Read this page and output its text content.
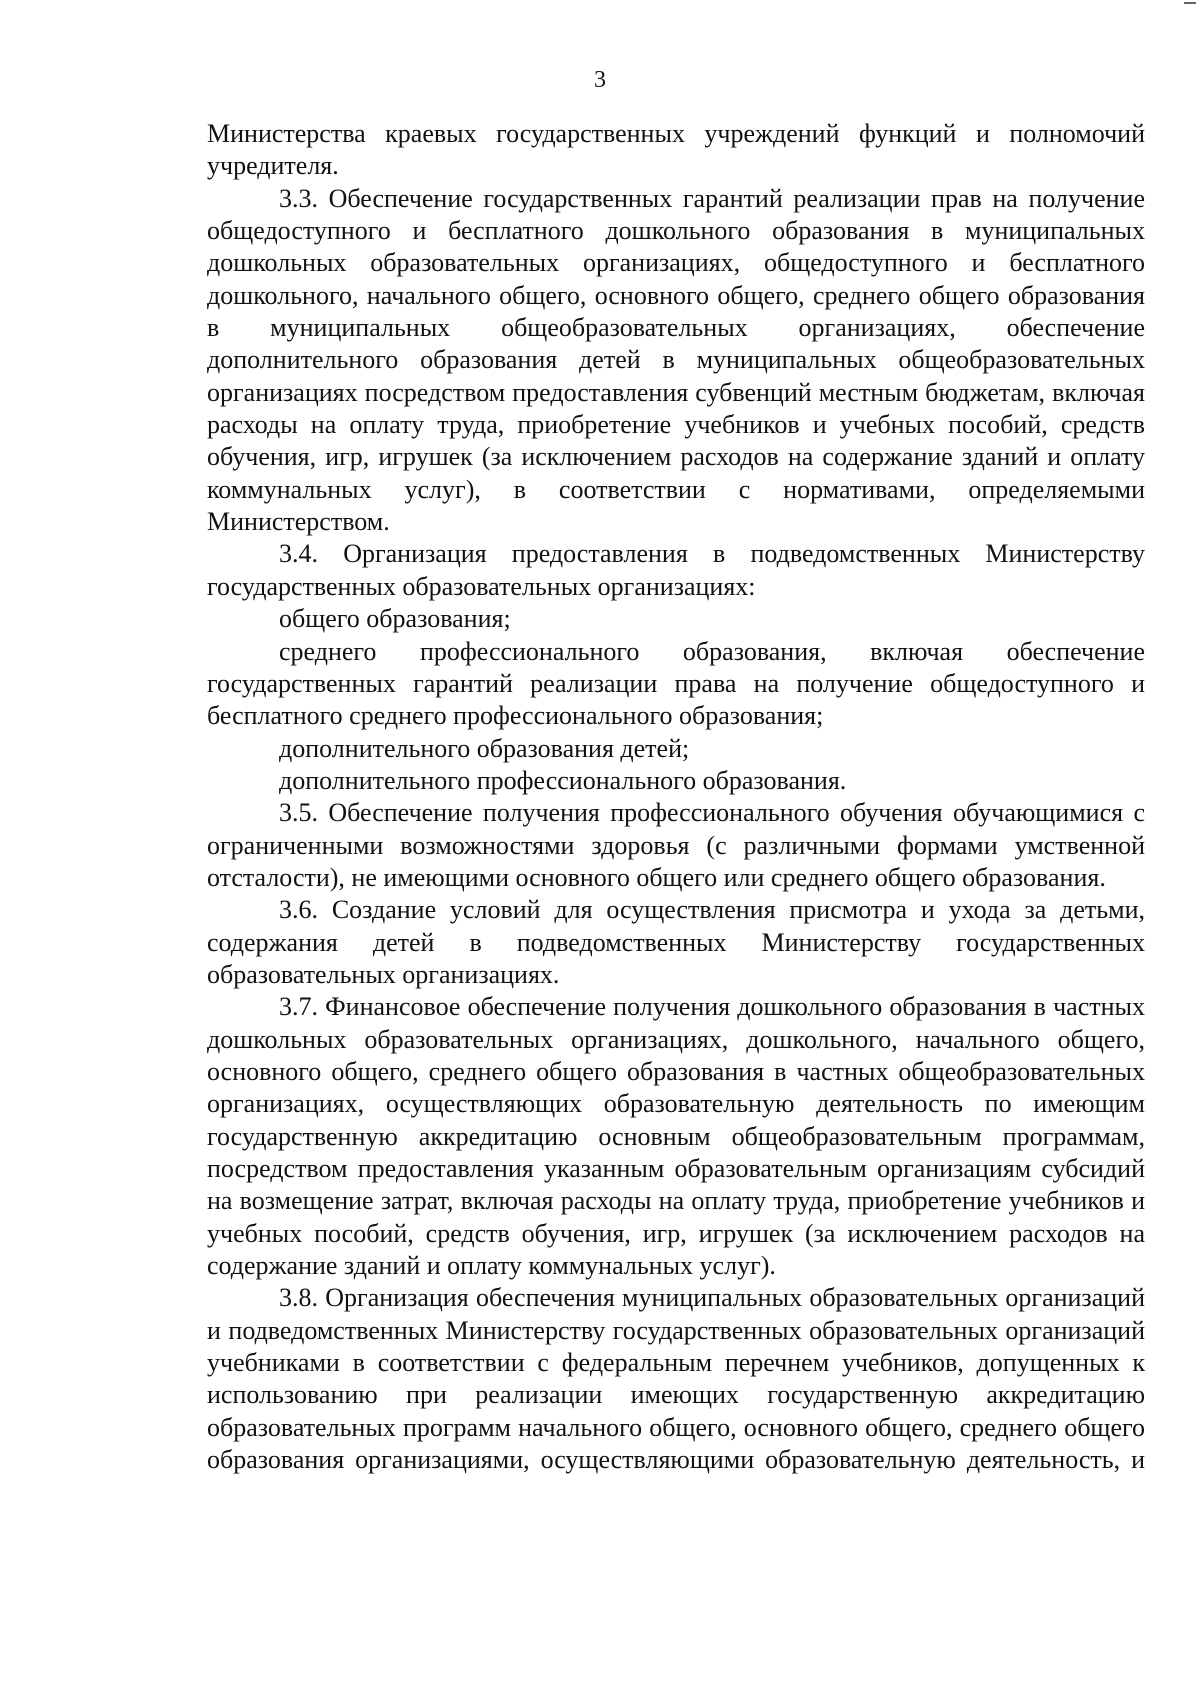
3

Министерства краевых государственных учреждений функций и полномочий учредителя.

3.3. Обеспечение государственных гарантий реализации прав на получение общедоступного и бесплатного дошкольного образования в муниципальных дошкольных образовательных организациях, общедоступного и бесплатного дошкольного, начального общего, основного общего, среднего общего образования в муниципальных общеобразовательных организациях, обеспечение дополнительного образования детей в муниципальных общеобразовательных организациях посредством предоставления субвенций местным бюджетам, включая расходы на оплату труда, приобретение учебников и учебных пособий, средств обучения, игр, игрушек (за исключением расходов на содержание зданий и оплату коммунальных услуг), в соответствии с нормативами, определяемыми Министерством.

3.4. Организация предоставления в подведомственных Министерству государственных образовательных организациях:

общего образования;

среднего профессионального образования, включая обеспечение государственных гарантий реализации права на получение общедоступного и бесплатного среднего профессионального образования;

дополнительного образования детей;

дополнительного профессионального образования.

3.5. Обеспечение получения профессионального обучения обучающимися с ограниченными возможностями здоровья (с различными формами умственной отсталости), не имеющими основного общего или среднего общего образования.

3.6. Создание условий для осуществления присмотра и ухода за детьми, содержания детей в подведомственных Министерству государственных образовательных организациях.

3.7. Финансовое обеспечение получения дошкольного образования в частных дошкольных образовательных организациях, дошкольного, начального общего, основного общего, среднего общего образования в частных общеобразовательных организациях, осуществляющих образовательную деятельность по имеющим государственную аккредитацию основным общеобразовательным программам, посредством предоставления указанным образовательным организациям субсидий на возмещение затрат, включая расходы на оплату труда, приобретение учебников и учебных пособий, средств обучения, игр, игрушек (за исключением расходов на содержание зданий и оплату коммунальных услуг).

3.8. Организация обеспечения муниципальных образовательных организаций и подведомственных Министерству государственных образовательных организаций учебниками в соответствии с федеральным перечнем учебников, допущенных к использованию при реализации имеющих государственную аккредитацию образовательных программ начального общего, основного общего, среднего общего образования организациями, осуществляющими образовательную деятельность, и
